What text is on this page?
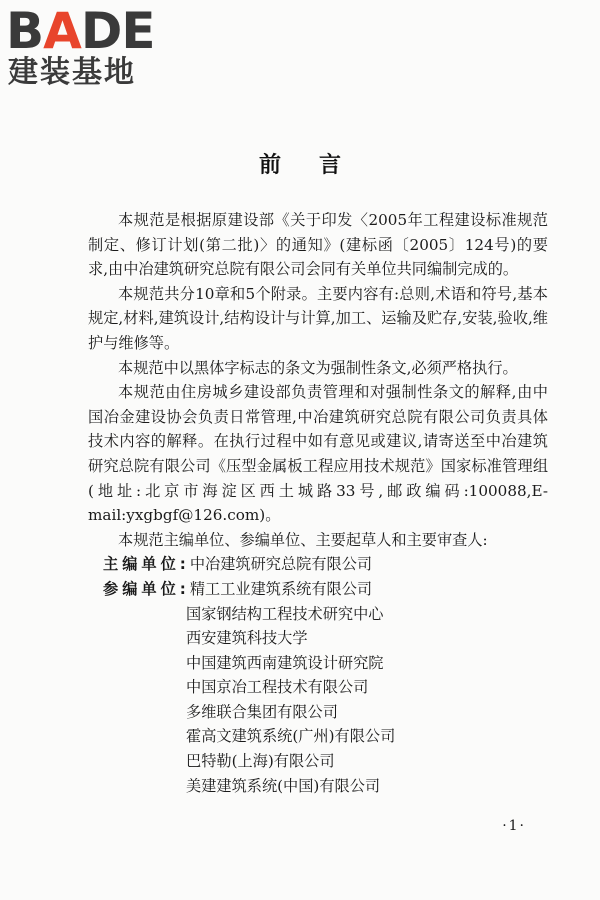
BADE
建装基地
前言

本规范是根据原建设部《关于印发〈2005年工程建设标准规范制定、修订计划(第二批)〉的通知》(建标函〔2005〕124号)的要求,由中冶建筑研究总院有限公司会同有关单位共同编制完成的。

本规范共分10章和5个附录。主要内容有:总则,术语和符号,基本规定,材料,建筑设计,结构设计与计算,加工、运输及贮存,安装,验收,维护与维修等。

本规范中以黑体字标志的条文为强制性条文,必须严格执行。

本规范由住房城乡建设部负责管理和对强制性条文的解释,由中国冶金建设协会负责日常管理,中冶建筑研究总院有限公司负责具体技术内容的解释。在执行过程中如有意见或建议,请寄送至中冶建筑研究总院有限公司《压型金属板工程应用技术规范》国家标准管理组(地址:北京市海淀区西土城路33号,邮政编码:100088,E-mail:yxgbgf@126.com)。

本规范主编单位、参编单位、主要起草人和主要审查人:

主编单位:中冶建筑研究总院有限公司

参编单位:精工工业建筑系统有限公司

国家钢结构工程技术研究中心
西安建筑科技大学
中国建筑西南建筑设计研究院
中国京冶工程技术有限公司
多维联合集团有限公司
霍高文建筑系统(广州)有限公司
巴特勒(上海)有限公司
美建建筑系统(中国)有限公司
·1·
